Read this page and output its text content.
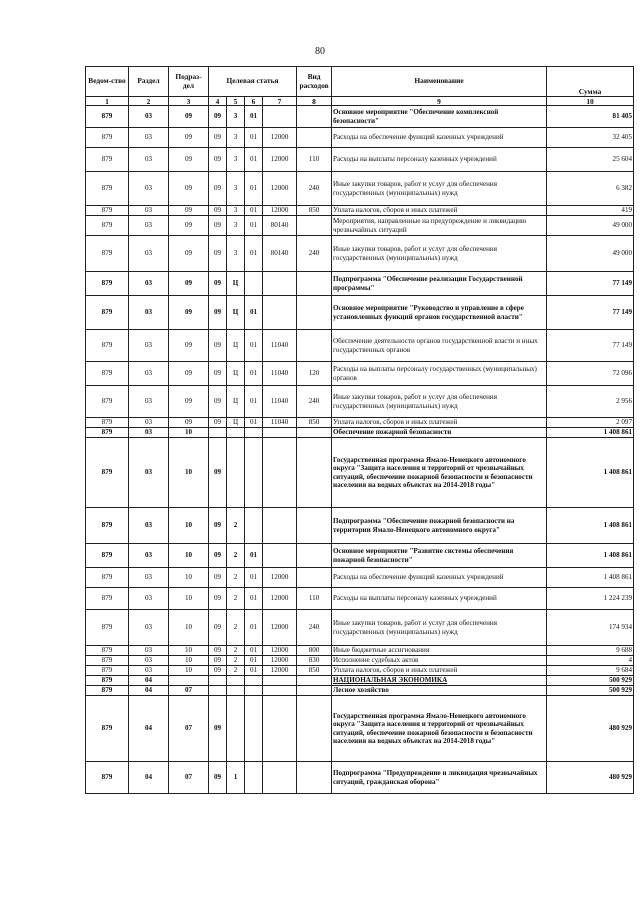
80
Ведом-ство	Раздел	Подраз-дел	Целевая статья				Вид расходов	Наименование	Сумма
1	2	3	4	5	6	7	8	9	10
879	03	09	09	3	01			Основное мероприятие "Обеспечение комплексной безопасности"	81 405
879	03	09	09	3	01	12000		Расходы на обеспечение функций казенных учреждений	32 405
879	03	09	09	3	01	12000	110	Расходы на выплаты персоналу казенных учреждений	25 604
879	03	09	09	3	01	12000	240	Иные закупки товаров, работ и услуг для обеспечения государственных (муниципальных) нужд	6 382
879	03	09	09	3	01	12000	850	Уплата налогов, сборов и иных платежей	419
879	03	09	09	3	01	80140		Мероприятия, направленные на предупреждение и ликвидацию чрезвычайных ситуаций	49 000
879	03	09	09	3	01	80140	240	Иные закупки товаров, работ и услуг для обеспечения государственных (муниципальных) нужд	49 000
879	03	09	09	Ц				Подпрограмма "Обеспечение реализации Государственной программы"	77 149
879	03	09	09	Ц	01			Основное мероприятие "Руководство и управление в сфере установленных функций органов государственной власти"	77 149
879	03	09	09	Ц	01	11040		Обеспечение деятельности органов государственной власти и иных государственных органов	77 149
879	03	09	09	Ц	01	11040	120	Расходы на выплаты персоналу государственных (муниципальных) органов	72 096
879	03	09	09	Ц	01	11040	240	Иные закупки товаров, работ и услуг для обеспечения государственных (муниципальных) нужд	2 956
879	03	09	09	Ц	01	11040	850	Уплата налогов, сборов и иных платежей	2 097
879	03	10						Обеспечение пожарной безопасности	1 408 861
879	03	10	09					Государственная программа Ямало-Ненецкого автономного округа "Защита населения и территорий от чрезвычайных ситуаций, обеспечение пожарной безопасности и безопасности населения на водных объектах на 2014-2018 годы"	1 408 861
879	03	10	09	2				Подпрограмма "Обеспечение пожарной безопасности на территории Ямало-Ненецкого автономного округа"	1 408 861
879	03	10	09	2	01			Основное мероприятие "Развитие системы обеспечения пожарной безопасности"	1 408 861
879	03	10	09	2	01	12000		Расходы на обеспечение функций казенных учреждений	1 408 861
879	03	10	09	2	01	12000	110	Расходы на выплаты персоналу казенных учреждений	1 224 239
879	03	10	09	2	01	12000	240	Иные закупки товаров, работ и услуг для обеспечения государственных (муниципальных) нужд	174 934
879	03	10	09	2	01	12000	800	Иные бюджетные ассигнования	9 688
879	03	10	09	2	01	12000	830	Исполнение судебных актов	4
879	03	10	09	2	01	12000	850	Уплата налогов, сборов и иных платежей	9 684
879	04							НАЦИОНАЛЬНАЯ ЭКОНОМИКА	500 929
879	04	07						Лесное хозяйство	500 929
879	04	07	09					Государственная программа Ямало-Ненецкого автономного округа "Защита населения и территорий от чрезвычайных ситуаций, обеспечение пожарной безопасности и безопасности населения на водных объектах на 2014-2018 годы"	480 929
879	04	07	09	1				Подпрограмма "Предупреждение и ликвидация чрезвычайных ситуаций, гражданская оборона"	480 929
